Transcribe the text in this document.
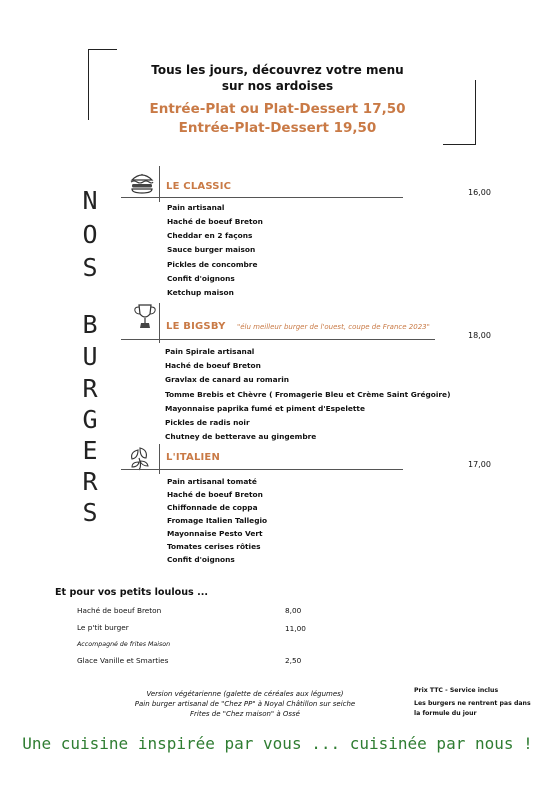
Tous les jours, découvrez votre menu
sur nos ardoises
Entrée-Plat ou Plat-Dessert 17,50
Entrée-Plat-Dessert 19,50
N
O
S
B
U
R
G
E
R
S
LE CLASSIC
16,00
Pain artisanal
Haché de boeuf Breton
Cheddar en 2 façons
Sauce burger maison
Pickles de concombre
Confit d'oignons
Ketchup maison
LE BIGSBY "élu meilleur burger de l'ouest, coupe de France 2023"
18,00
Pain Spirale artisanal
Haché de boeuf Breton
Gravlax de canard au romarin
Tomme Brebis et Chèvre ( Fromagerie Bleu et Crème Saint Grégoire)
Mayonnaise paprika fumé et piment d'Espelette
Pickles de radis noir
Chutney de betterave au gingembre
L'ITALIEN
17,00
Pain artisanal tomaté
Haché de boeuf Breton
Chiffonnade de coppa
Fromage Italien Tallegio
Mayonnaise Pesto Vert
Tomates cerises rôties
Confit d'oignons
Et pour vos petits loulous ...
Haché de boeuf Breton	8,00
Le p'tit burger	11,00
Accompagné de frites Maison
Glace Vanille et Smarties	2,50
Version végétarienne (galette de céréales aux légumes)
Pain burger artisanal de "Chez PP" à Noyal Châtillon sur seiche
Frites de "Chez maison" à Ossé
Prix TTC - Service inclus
Les burgers ne rentrent pas dans
la formule du jour
Une cuisine inspirée par vous ... cuisinée par nous !
